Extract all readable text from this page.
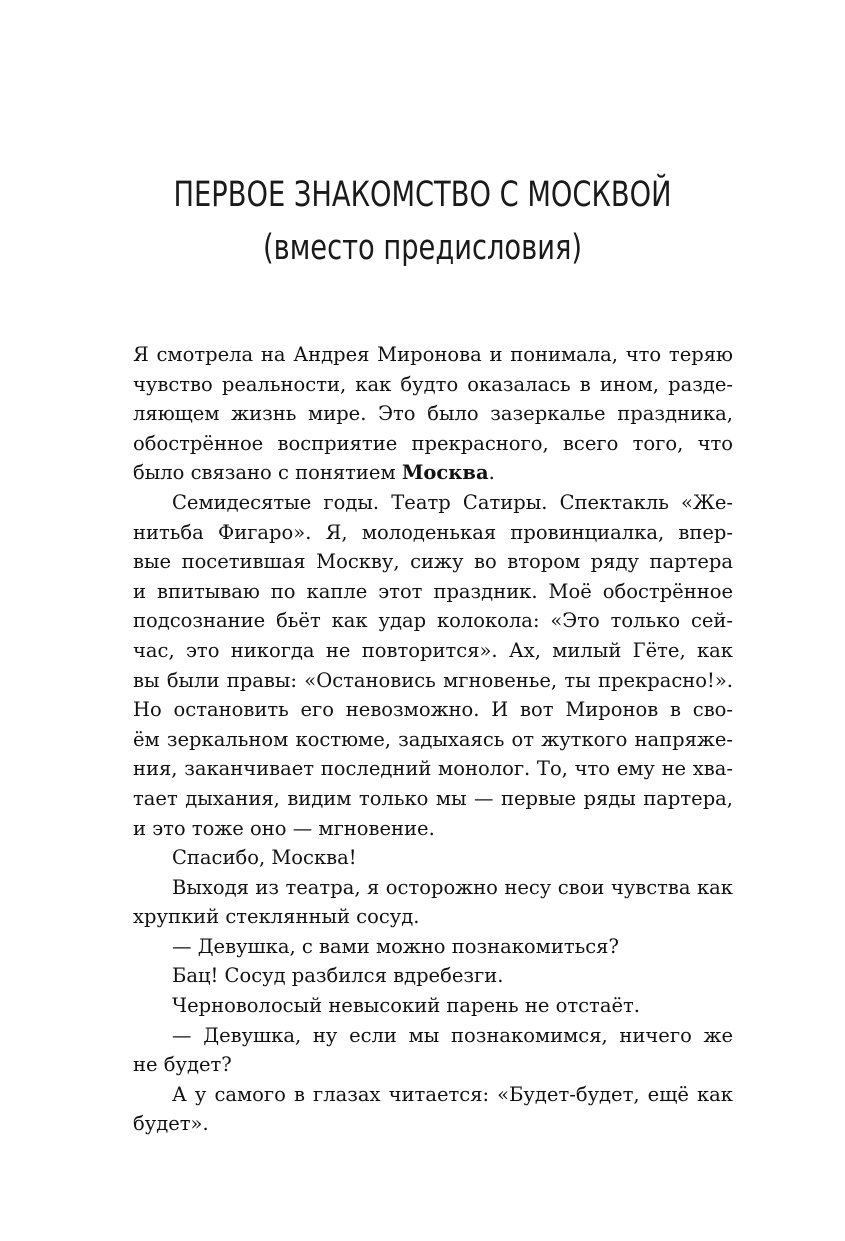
ПЕРВОЕ ЗНАКОМСТВО С МОСКВОЙ
(вместо предисловия)
Я смотрела на Андрея Миронова и понимала, что теряю
чувство реальности, как будто оказалась в ином, разде-
ляющем жизнь мире. Это было зазеркалье праздника,
обострённое восприятие прекрасного, всего того, что
было связано с понятием Москва.
Семидесятые годы. Театр Сатиры. Спектакль «Же-
нитьба Фигаро». Я, молоденькая провинциалка, впер-
вые посетившая Москву, сижу во втором ряду партера
и впитываю по капле этот праздник. Моё обострённое
подсознание бьёт как удар колокола: «Это только сей-
час, это никогда не повторится». Ах, милый Гёте, как
вы были правы: «Остановись мгновенье, ты прекрасно!».
Но остановить его невозможно. И вот Миронов в сво-
ём зеркальном костюме, задыхаясь от жуткого напряже-
ния, заканчивает последний монолог. То, что ему не хва-
тает дыхания, видим только мы — первые ряды партера,
и это тоже оно — мгновение.
Спасибо, Москва!
Выходя из театра, я осторожно несу свои чувства как
хрупкий стеклянный сосуд.
— Девушка, с вами можно познакомиться?
Бац! Сосуд разбился вдребезги.
Черноволосый невысокий парень не отстаёт.
— Девушка, ну если мы познакомимся, ничего же
не будет?
А у самого в глазах читается: «Будет-будет, ещё как
будет».
